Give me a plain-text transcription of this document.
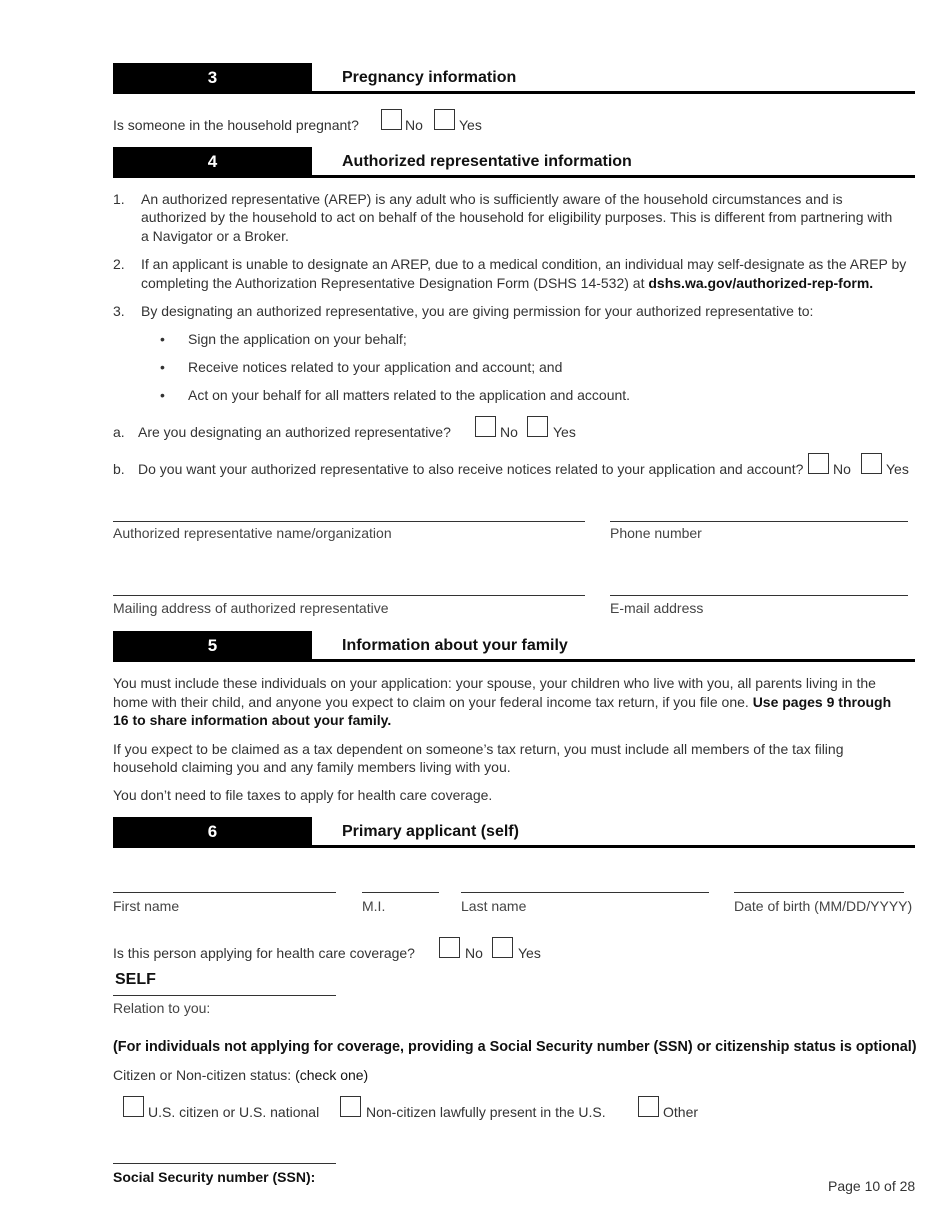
3	Pregnancy information
Is someone in the household pregnant?	No	Yes
4	Authorized representative information
1. An authorized representative (AREP) is any adult who is sufficiently aware of the household circumstances and is
authorized by the household to act on behalf of the household for eligibility purposes. This is different from partnering with
a Navigator or a Broker.
2. If an applicant is unable to designate an AREP, due to a medical condition, an individual may self-designate as the AREP by
completing the Authorization Representative Designation Form (DSHS 14-532) at dshs.wa.gov/authorized-rep-form.
3. By designating an authorized representative, you are giving permission for your authorized representative to:
• Sign the application on your behalf;
• Receive notices related to your application and account; and
• Act on your behalf for all matters related to the application and account.
a. Are you designating an authorized representative?	No	Yes
b. Do you want your authorized representative to also receive notices related to your application and account? No	Yes
Authorized representative name/organization	Phone number
Mailing address of authorized representative	E-mail address
5	Information about your family
You must include these individuals on your application: your spouse, your children who live with you, all parents living in the
home with their child, and anyone you expect to claim on your federal income tax return, if you file one. Use pages 9 through
16 to share information about your family.
If you expect to be claimed as a tax dependent on someone’s tax return, you must include all members of the tax filing
household claiming you and any family members living with you.
You don’t need to file taxes to apply for health care coverage.
6	Primary applicant (self)
First name	M.I.	Last name	Date of birth (MM/DD/YYYY)
Is this person applying for health care coverage?	No	Yes
SELF
Relation to you:
(For individuals not applying for coverage, providing a Social Security number (SSN) or citizenship status is optional)
Citizen or Non-citizen status: (check one)
U.S. citizen or U.S. national	Non-citizen lawfully present in the U.S.	Other
Social Security number (SSN):
Page 10 of 28
